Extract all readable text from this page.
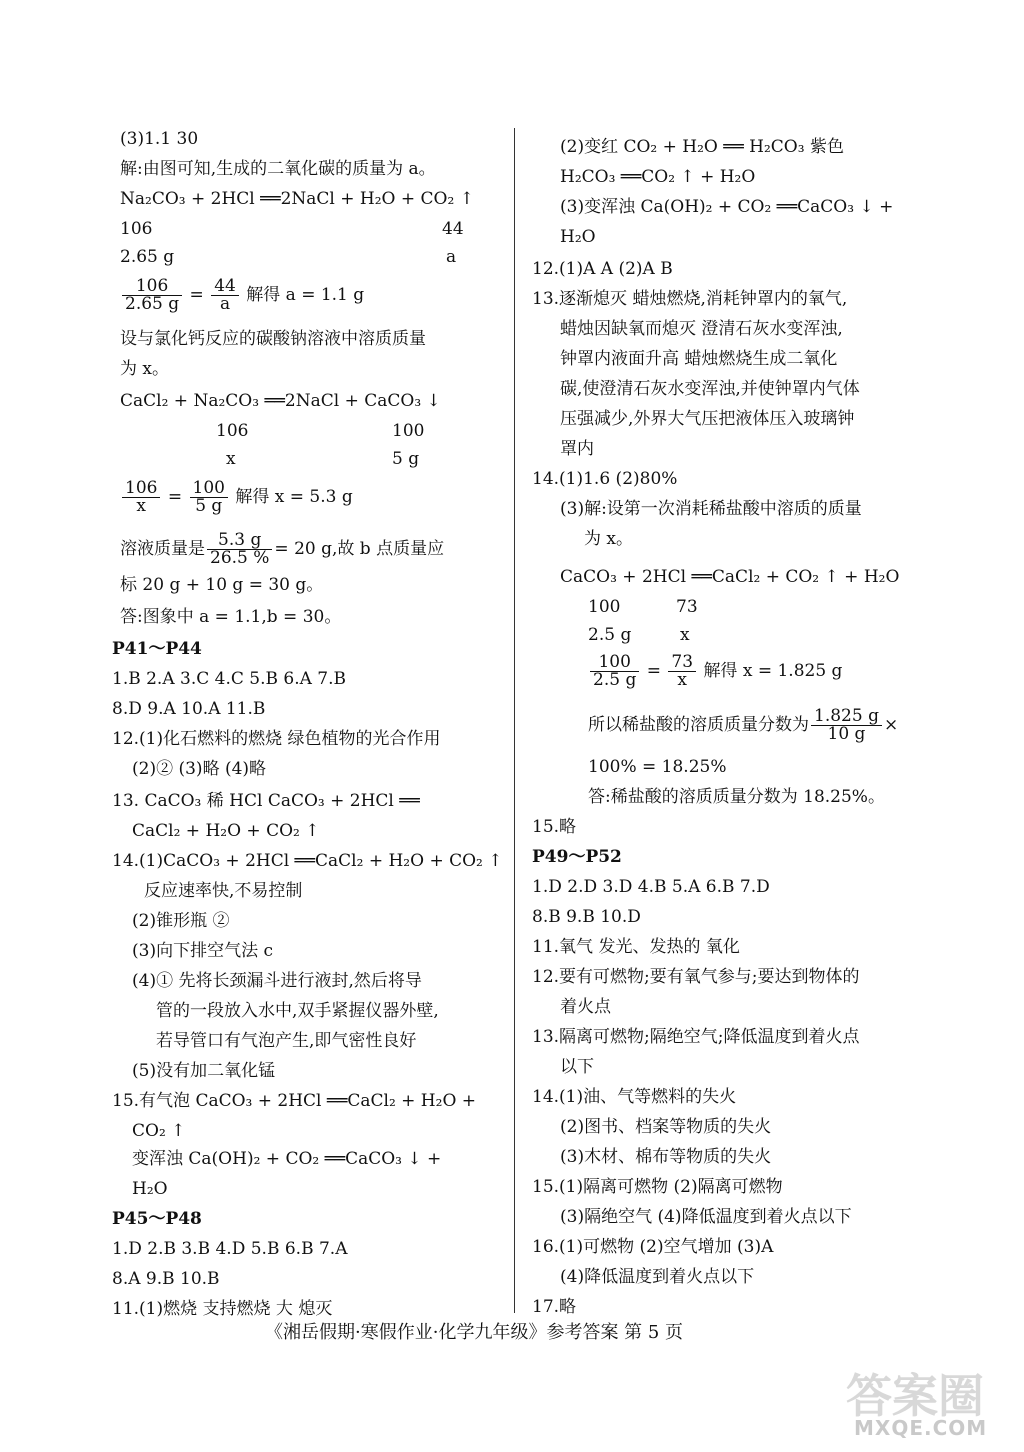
(3)1.1 30
解:由图可知,生成的二氧化碳的质量为 a。
Na₂CO₃ + 2HCl ══2NaCl + H₂O + CO₂ ↑
106	44
2.65 g	a
$\frac{106}{2.65 g} = \frac{44}{a}$ 解得 a = 1.1 g
设与氯化钙反应的碳酸钠溶液中溶质质量
为 x。
CaCl₂ + Na₂CO₃ ══2NaCl + CaCO₃ ↓
106	100
x	5 g
$\frac{106}{x} = \frac{100}{5 g}$ 解得 x = 5.3 g
溶液质量是 $\frac{5.3 g}{26.5 \%} = 20$ g,故 b 点质量应
标 20 g + 10 g = 30 g。
答:图象中 a = 1.1,b = 30。
P41～P44
1.B 2.A 3.C 4.C 5.B 6.A 7.B
8.D 9.A 10.A 11.B
12.(1)化石燃料的燃烧 绿色植物的光合作用
(2)② (3)略 (4)略
13. CaCO₃ 稀 HCl CaCO₃ + 2HCl ══
CaCl₂ + H₂O + CO₂ ↑
14.(1)CaCO₃ + 2HCl ══CaCl₂ + H₂O + CO₂ ↑
反应速率快,不易控制
(2)锥形瓶 ②
(3)向下排空气法 c
(4)① 先将长颈漏斗进行液封,然后将导
管的一段放入水中,双手紧握仪器外壁,
若导管口有气泡产生,即气密性良好
(5)没有加二氧化锰
15.有气泡 CaCO₃ + 2HCl ══CaCl₂ + H₂O +
CO₂ ↑
变浑浊 Ca(OH)₂ + CO₂ ══CaCO₃ ↓ +
H₂O
P45～P48
1.D 2.B 3.B 4.D 5.B 6.B 7.A
8.A 9.B 10.B
11.(1)燃烧 支持燃烧 大 熄灭
(2)变红 CO₂ + H₂O ══ H₂CO₃ 紫色
H₂CO₃ ══CO₂ ↑ + H₂O
(3)变浑浊 Ca(OH)₂ + CO₂ ══CaCO₃ ↓ +
H₂O
12.(1)A A (2)A B
13.逐渐熄灭 蜡烛燃烧,消耗钟罩内的氧气,
蜡烛因缺氧而熄灭 澄清石灰水变浑浊,
钟罩内液面升高 蜡烛燃烧生成二氧化
碳,使澄清石灰水变浑浊,并使钟罩内气体
压强减少,外界大气压把液体压入玻璃钟
罩内
14.(1)1.6 (2)80%
(3)解:设第一次消耗稀盐酸中溶质的质量
为 x。
CaCO₃ + 2HCl ══CaCl₂ + CO₂ ↑ + H₂O
100	73
2.5 g	x
$\frac{100}{2.5 g} = \frac{73}{x}$ 解得 x = 1.825 g
所以稀盐酸的溶质质量分数为 $\frac{1.825 g}{10 g}$ ×
100% = 18.25%
答:稀盐酸的溶质质量分数为 18.25%。
15.略
P49～P52
1.D 2.D 3.D 4.B 5.A 6.B 7.D
8.B 9.B 10.D
11.氧气 发光、发热的 氧化
12.要有可燃物;要有氧气参与;要达到物体的
着火点
13.隔离可燃物;隔绝空气;降低温度到着火点
以下
14.(1)油、气等燃料的失火
(2)图书、档案等物质的失火
(3)木材、棉布等物质的失火
15.(1)隔离可燃物 (2)隔离可燃物
(3)隔绝空气 (4)降低温度到着火点以下
16.(1)可燃物 (2)空气增加 (3)A
(4)降低温度到着火点以下
17.略
《湘岳假期·寒假作业·化学九年级》参考答案 第 5 页
答案圈
MXQE.COM
